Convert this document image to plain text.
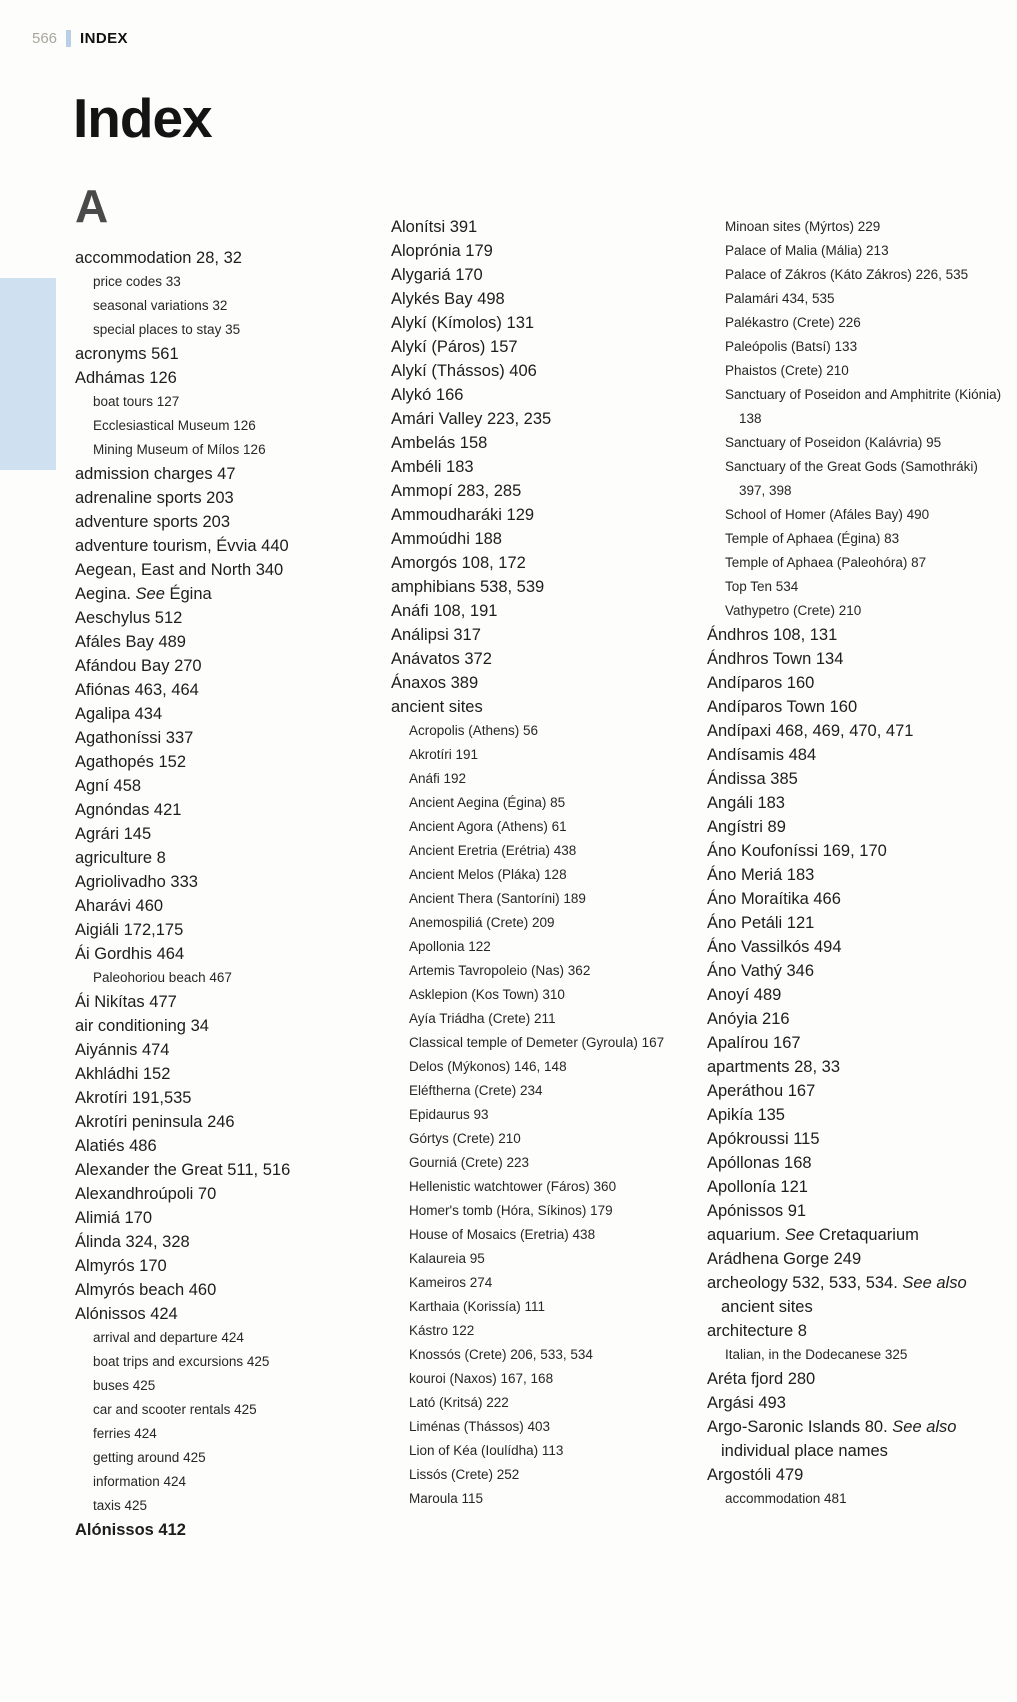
566 INDEX
Index
A
accommodation 28, 32
price codes 33
seasonal variations 32
special places to stay 35
acronyms 561
Adhámas 126
boat tours 127
Ecclesiastical Museum 126
Mining Museum of Mílos 126
admission charges 47
adrenaline sports 203
adventure sports 203
adventure tourism, Évvia 440
Aegean, East and North 340
Aegina. See Égina
Aeschylus 512
Afáles Bay 489
Afándou Bay 270
Afiónas 463, 464
Agalipa 434
Agathoníssi 337
Agathopés 152
Agní 458
Agnóndas 421
Agrári 145
agriculture 8
Agriolivadho 333
Aharávi 460
Aigiáli 172,175
Ái Gordhis 464
Paleohoriou beach 467
Ái Nikítas 477
air conditioning 34
Aiyánnis 474
Akhládhi 152
Akrotíri 191,535
Akrotíri peninsula 246
Alatiés 486
Alexander the Great 511, 516
Alexandhroúpoli 70
Alimiá 170
Álinda 324, 328
Almyrós 170
Almyrós beach 460
Alónissos 424
arrival and departure 424
boat trips and excursions 425
buses 425
car and scooter rentals 425
ferries 424
getting around 425
information 424
taxis 425
Alónissos 412
Alonítsi 391
Aloprónia 179
Alygariá 170
Alykés Bay 498
Alykí (Kímolos) 131
Alykí (Páros) 157
Alykí (Thássos) 406
Alykó 166
Amári Valley 223, 235
Ambelás 158
Ambéli 183
Ammopí 283, 285
Ammoudharáki 129
Ammoúdhi 188
Amorgós 108, 172
amphibians 538, 539
Anáfi 108, 191
Análipsi 317
Anávatos 372
Ánaxos 389
ancient sites
Acropolis (Athens) 56
Akrotíri 191
Anáfi 192
Ancient Aegina (Égina) 85
Ancient Agora (Athens) 61
Ancient Eretria (Erétria) 438
Ancient Melos (Pláka) 128
Ancient Thera (Santoríni) 189
Anemospiliá (Crete) 209
Apollonia 122
Artemis Tavropoleio (Nas) 362
Asklepion (Kos Town) 310
Ayía Triádha (Crete) 211
Classical temple of Demeter (Gyroula) 167
Delos (Mýkonos) 146, 148
Eléftherna (Crete) 234
Epidaurus 93
Górtys (Crete) 210
Gourniá (Crete) 223
Hellenistic watchtower (Fáros) 360
Homer's tomb (Hóra, Síkinos) 179
House of Mosaics (Eretria) 438
Kalaureia 95
Kameiros 274
Karthaia (Korissía) 111
Kástro 122
Knossós (Crete) 206, 533, 534
kouroi (Naxos) 167, 168
Lató (Kritsá) 222
Liménas (Thássos) 403
Lion of Kéa (Ioulídha) 113
Lissós (Crete) 252
Maroula 115
Minoan sites (Mýrtos) 229
Palace of Malia (Mália) 213
Palace of Zákros (Káto Zákros) 226, 535
Palamári 434, 535
Palékastro (Crete) 226
Paleópolis (Batsí) 133
Phaistos (Crete) 210
Sanctuary of Poseidon and Amphitrite (Kiónia) 138
Sanctuary of Poseidon (Kalávria) 95
Sanctuary of the Great Gods (Samothráki) 397, 398
School of Homer (Afáles Bay) 490
Temple of Aphaea (Égina) 83
Temple of Aphaea (Paleohóra) 87
Top Ten 534
Vathypetro (Crete) 210
Ándhros 108, 131
Ándhros Town 134
Andíparos 160
Andíparos Town 160
Andípaxi 468, 469, 470, 471
Andísamis 484
Ándissa 385
Angáli 183
Angístri 89
Áno Koufoníssi 169, 170
Áno Meriá 183
Áno Moraítika 466
Áno Petáli 121
Áno Vassilkós 494
Áno Vathý 346
Anoyí 489
Anóyia 216
Apalírou 167
apartments 28, 33
Aperáthou 167
Apikía 135
Apókroussi 115
Apóllonas 168
Apollonía 121
Apónissos 91
aquarium. See Cretaquarium
Arádhena Gorge 249
archeology 532, 533, 534. See also ancient sites
architecture 8
Italian, in the Dodecanese 325
Aréta fjord 280
Argási 493
Argo-Saronic Islands 80. See also individual place names
Argostóli 479
accommodation 481
